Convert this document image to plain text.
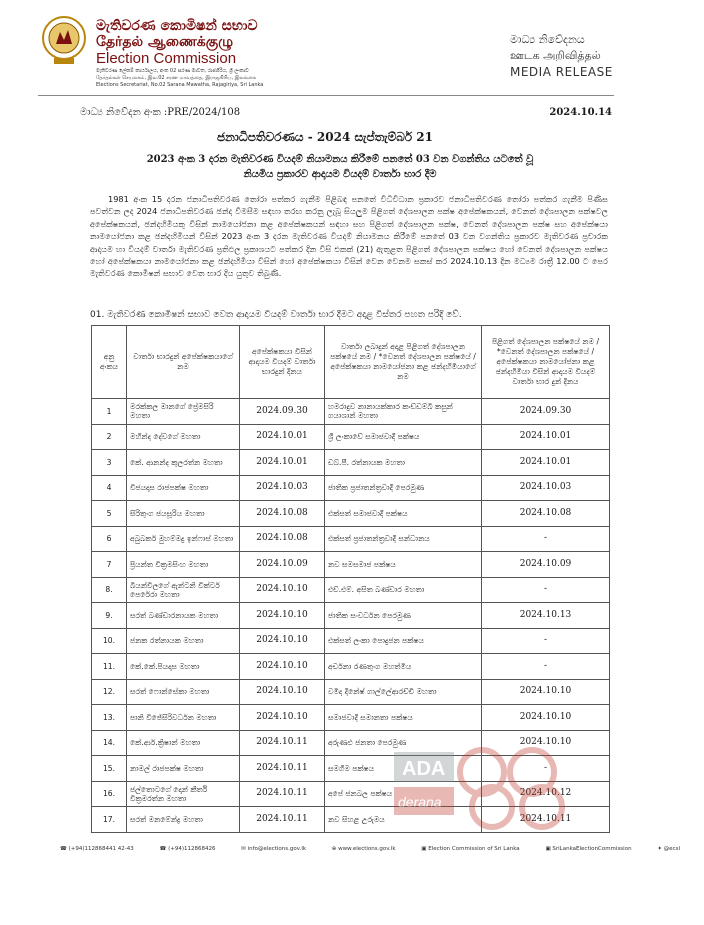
මැතිවරණ කොමිෂන් සභාව
தேர்தல் ஆணைக்குழு
Election Commission
මැතිවරණ ලේකම් කාර්යාලය, අංක 02 සරණ මාවත, රාජගිරිය, ශ්‍රී ලංකාව
தேர்தல்கள் செயலகம், இல.02 சரண மாவத்தை, இராஜகிரிய, இலங்கை
Elections Secretariat, No.02 Sarana Mawatha, Rajagiriya, Sri Lanka
මාධ්‍ය නිවේදනය
ஊடக அறிவித்தல்
MEDIA RELEASE
මාධ්‍ය නිවේදන අංක :PRE/2024/108	2024.10.14
ජනාධිපතිවරණය - 2024 සැප්තැම්බර් 21
2023 අංක 3 දරන මැතිවරණ වියදම් නියාමනය කිරීමේ පනතේ 03 වන වගන්තිය යටතේ වූ
නියමිය ප්‍රකාරව ආදායම වියදම් වාර්තා භාර දීම
1981 අංක 15 දරන ජනාධිපතිවරණ තෝරා පත්කර ගැනීම පිළිබඳ පනතේ විධිවිධාන ප්‍රකාරව ජනාධිපතිවරණ තෝරා පත්කර ගැනීම පිණිස පවත්වන ලද 2024 ජනාධිපතිවරණ ඡන්ද විමසීම සඳහා තරඟ කරනු ලැබූ සියලුම පිළිගත් දේශපාලන පක්ෂ අපේක්ෂකයන්, වෙනත් දේශපාලන පක්ෂවල අපේක්ෂකයන්, ඡන්දහිමියකු විසින් නාමයෝජනා කළ අපේක්ෂකයන් සඳහා සහ පිළිගත් දේශපාලන පක්ෂ, වෙනත් දේශපාලන පක්ෂ සහ අපේක්ෂයා නාමයෝජනා කළ ඡන්දහිමියන් විසින් 2023 අංක 3 දරන මැතිවරණ වියදම් නියාමනය කිරීමේ පනතේ 03 වන වගන්තිය ප්‍රකාරව මැතිවරණ ප්‍රචාරක ආදායම හා වියදම් වාර්තා මැතිවරණ ප්‍රතිඵල ප්‍රකාශයට පත්කර දින විසි එකක් (21) ඇතුළත පිළිගත් දේශපාලන පක්ෂය හෝ වෙනත් දේශපාලන පක්ෂය හෝ අපේක්ෂකයා නාමයෝජනා කළ ඡන්දහිමියා විසින් හෝ අපේක්ෂකයා විසින් වෙන වෙනම සකස් කර 2024.10.13 දින මධ්‍යම රාත්‍රී 12.00 ට පෙර මැතිවරණ කොමිෂන් සභාව වෙත භාර දිය යුතුව තිබුණි.
01. මැතිවරණ කොමිෂන් සභාව වෙත ආදායම වියදම් වාර්තා භාර දීමට අදාළ විස්තර පහත පරිදි වේ.
අනු අංකය	වාර්තා භාරදුන් අපේක්ෂකයාගේ නම	අපේක්ෂකයා විසින් ආදායම වියදම් වාර්තා භාරදුන් දිනය	වාර්තා ලබාදුන් අදාළ පිළිගත් දේශපාලන පක්ෂයේ නම / *වෙනත් දේශපාලන පක්ෂයේ / අපේක්ෂකයා නාමයෝජනා කළ ඡන්දහිමියාගේ නම	පිළිගත් දේශපාලන පක්ෂයේ නම / *වෙනත් දේශපාලන පක්ෂයේ / අපේක්ෂකයා නාමයෝජනා කළ ඡන්දහිමියා විසින් ආදායම වියදම් වාර්තා භාර දුන් දිනය
1	මරක්කල මානගේ ප්‍රේමසිරි මහතා	2024.09.30	හමරාදුව නානායක්කාර කංඩ්ඩම්බි කසුන් ගයාශාන් මහතා	2024.09.30
2	මහින්ද දේවගේ මහතා	2024.10.01	ශ්‍රී ලංකාවේ සමාජවාදී පක්ෂය	2024.10.01
3	කේ. ආනන්ද කුලරත්න මහතා	2024.10.01	ඩබ්.පී. රත්නායක මහතා	2024.10.01
4	විජයදාස රාජපක්ෂ මහතා	2024.10.03	ජාතික ප්‍රජාතන්ත්‍රවාදී පෙරමුණ	2024.10.03
5	සිරිතුංග ජයසූරිය මහතා	2024.10.08	එක්සත් සමාජවාදී පක්ෂය	2024.10.08
6	අබුබකර් මුහම්මදු ඉන්ෆාස් මහතා	2024.10.08	එක්සත් ප්‍රජාතන්ත්‍රවාදී සන්ධානය	-
7	ප්‍රියන්ත වික්‍රමසිංහ මහතා	2024.10.09	නව සමසමාජ පක්ෂය	2024.10.09
8.	බියන්විලගේ ඇන්ටනි වික්ටර් පෙරේරා මහතා	2024.10.10	එච්.එම්. අසිත බණ්ඩාර මහතා	-
9.	සරත් බණ්ඩාරනායක මහතා	2024.10.10	ජාතික සංවර්ධන පෙරමුණ	2024.10.13
10.	ජනක රත්නායක මහතා	2024.10.10	එක්සත් ලංකා පොදුජන පක්ෂය	-
11.	කේ.කේ.පියදාස මහතා	2024.10.10	අර්චනා රණතුංග මහත්මිය	-
12.	සරත් ෆොන්සේකා මහතා	2024.10.10	වමිද දිනේෂ් ගාල්ලේආරච්චි මහතා	2024.10.10
13.	පානි විජේසිරිවර්ධන මහතා	2024.10.10	සමාජවාදී සමානතා පක්ෂය	2024.10.10
14.	කේ.ආර්.ක්‍රිෂාන් මහතා	2024.10.11	අරුණළු ජනතා පෙරමුණ	2024.10.10
15.	නාමල් රාජපක්ෂ මහතා	2024.10.11	සමගිම පක්ෂය	-
16.	ජල්තොටගේ දොන් කීර්ති වික්‍රමරත්න මහතා	2024.10.11	අපේ ජනබල පක්ෂය	2024.10.12
17.	සරත් මනමේන්ද්‍ර මහතා	2024.10.11	නව සිහළ උරුමය	2024.10.11
ADA
derana
☎ (+94)112868441 42-43	☎ (+94)112868426	✉ info@elections.gov.lk	⊕ www.elections.gov.lk	▣ Election Commission of Sri Lanka	▣ SriLankaElectionCommission	✦ @ecsl
